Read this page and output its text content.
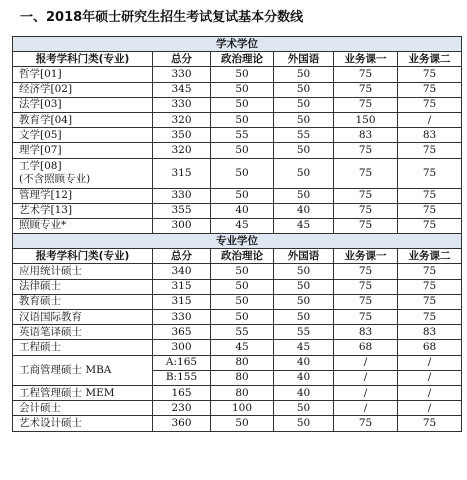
一、2018年硕士研究生招生考试复试基本分数线
学术学位					
报考学科门类(专业)	总分	政治理论	外国语	业务课一	业务课二

哲学[01]	330	50	50	75	75

经济学[02]	345	50	50	75	75

法学[03]	330	50	50	75	75

教育学[04]	320	50	50	150	/

文学[05]	350	55	55	83	83

理学[07]	320	50	50	75	75

工学[08]
(不含照顾专业)	315	50	50	75	75

管理学[12]	330	50	50	75	75

艺术学[13]	355	40	40	75	75

照顾专业*	300	45	45	75	75
专业学位					
报考学科门类(专业)	总分	政治理论	外国语	业务课一	业务课二

应用统计硕士	340	50	50	75	75

法律硕士	315	50	50	75	75

教育硕士	315	50	50	75	75

汉语国际教育	330	50	50	75	75

英语笔译硕士	365	55	55	83	83

工程硕士	300	45	45	68	68
工商管理硕士 MBA	A:165	80	40	/	/
	B:155	80	40	/	/

工程管理硕士 MEM	165	80	40	/	/

会计硕士	230	100	50	/	/

艺术设计硕士	360	50	50	75	75
